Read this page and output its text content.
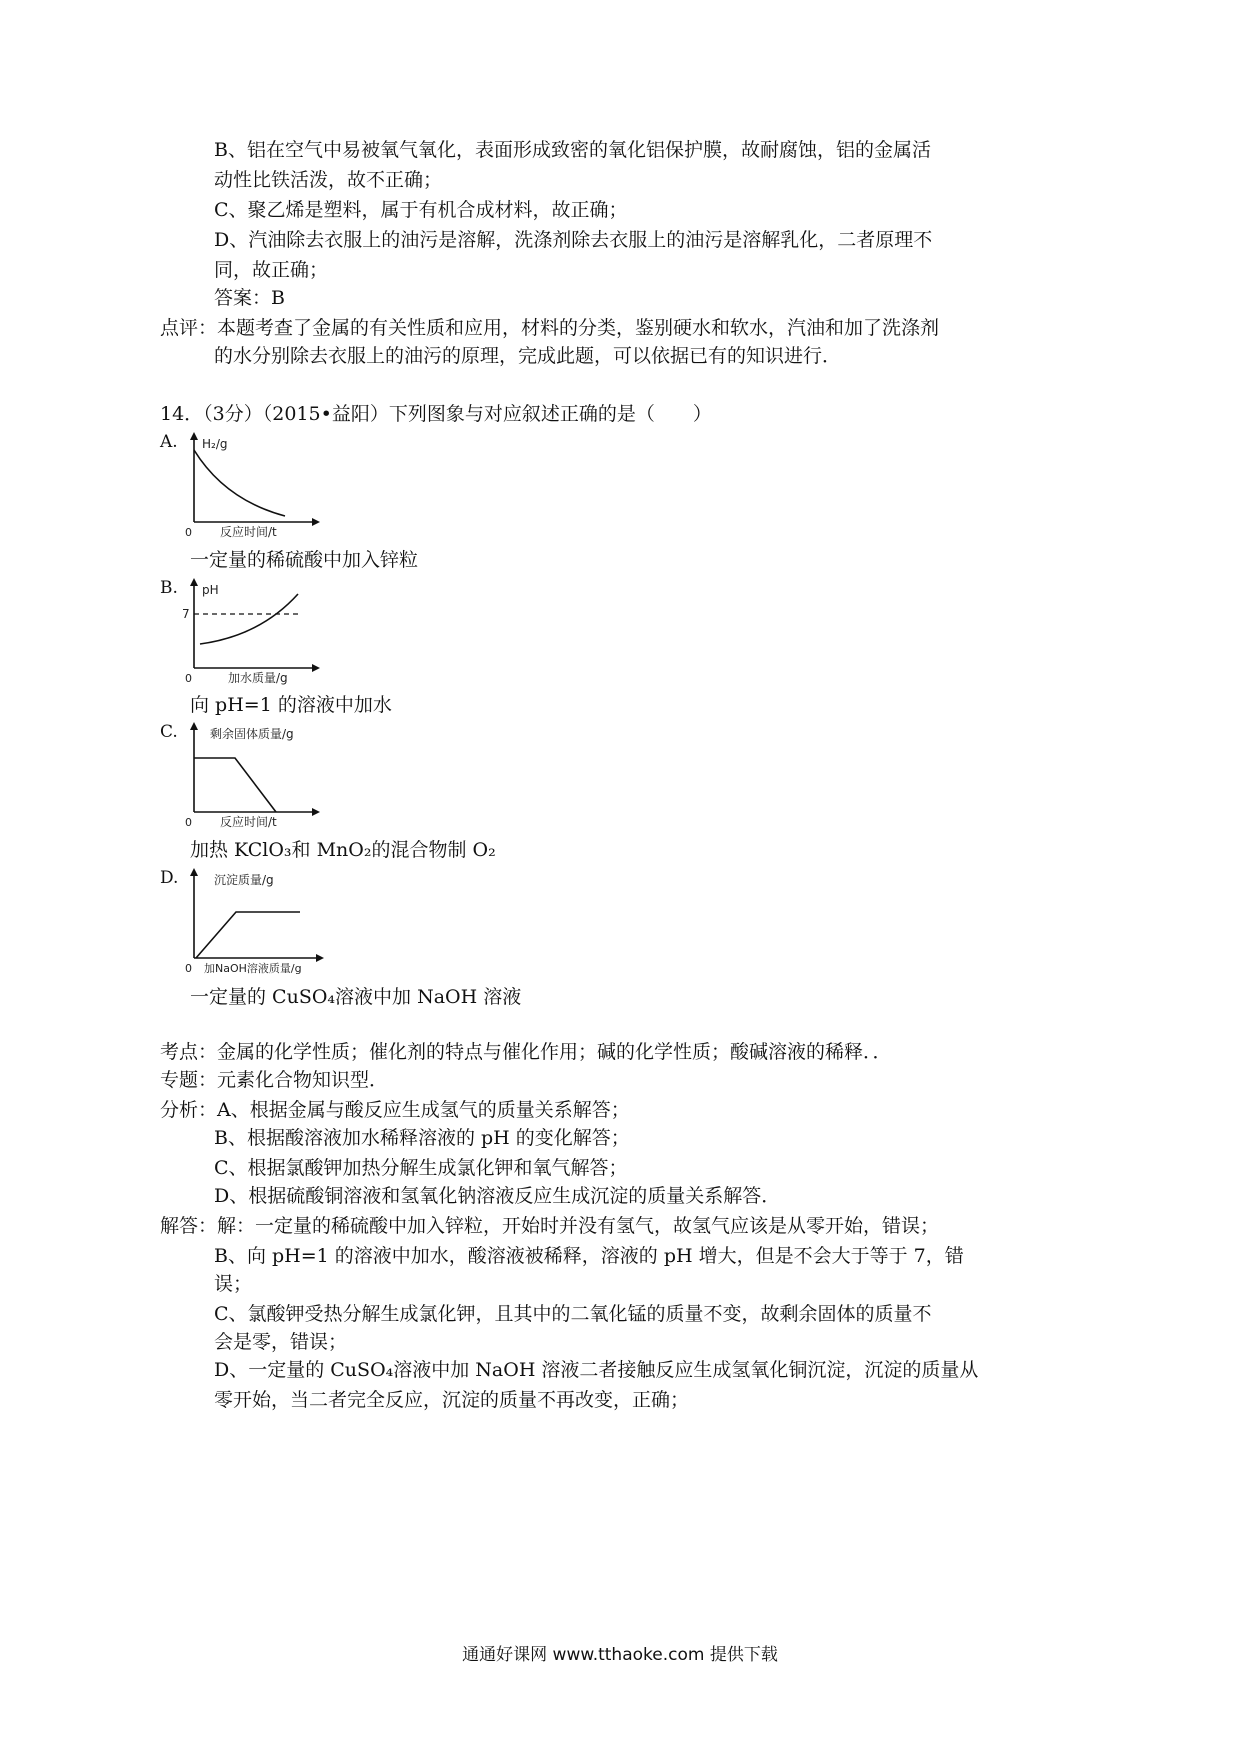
B、铝在空气中易被氧气氧化，表面形成致密的氧化铝保护膜，故耐腐蚀，铝的金属活
动性比铁活泼，故不正确；
C、聚乙烯是塑料，属于有机合成材料，故正确；
D、汽油除去衣服上的油污是溶解，洗涤剂除去衣服上的油污是溶解乳化，二者原理不
同，故正确；
答案：B
点评：本题考查了金属的有关性质和应用，材料的分类，鉴别硬水和软水，汽油和加了洗涤剂
的水分别除去衣服上的油污的原理，完成此题，可以依据已有的知识进行．
14．（3分）（2015•益阳）下列图象与对应叙述正确的是（　　）
A. H₂/g
反应时间/t
0
一定量的稀硫酸中加入锌粒
B. pH
7
加水质量/g
0
向 pH=1 的溶液中加水
C.	剩余固体质量/g
反应时间/t
0
加热 KClO₃和 MnO₂的混合物制 O₂
D.	沉淀质量/g
加NaOH溶液质量/g
0
一定量的 CuSO₄溶液中加 NaOH 溶液
考点：金属的化学性质；催化剂的特点与催化作用；碱的化学性质；酸碱溶液的稀释．．
专题：元素化合物知识型．
分析：A、根据金属与酸反应生成氢气的质量关系解答；
B、根据酸溶液加水稀释溶液的 pH 的变化解答；
C、根据氯酸钾加热分解生成氯化钾和氧气解答；
D、根据硫酸铜溶液和氢氧化钠溶液反应生成沉淀的质量关系解答．
解答：解：一定量的稀硫酸中加入锌粒，开始时并没有氢气，故氢气应该是从零开始，错误；
B、向 pH=1 的溶液中加水，酸溶液被稀释，溶液的 pH 增大，但是不会大于等于 7，错
误；
C、氯酸钾受热分解生成氯化钾，且其中的二氧化锰的质量不变，故剩余固体的质量不
会是零，错误；
D、一定量的 CuSO₄溶液中加 NaOH 溶液二者接触反应生成氢氧化铜沉淀，沉淀的质量从
零开始，当二者完全反应，沉淀的质量不再改变，正确；
通通好课网 www.tthaoke.com 提供下载
